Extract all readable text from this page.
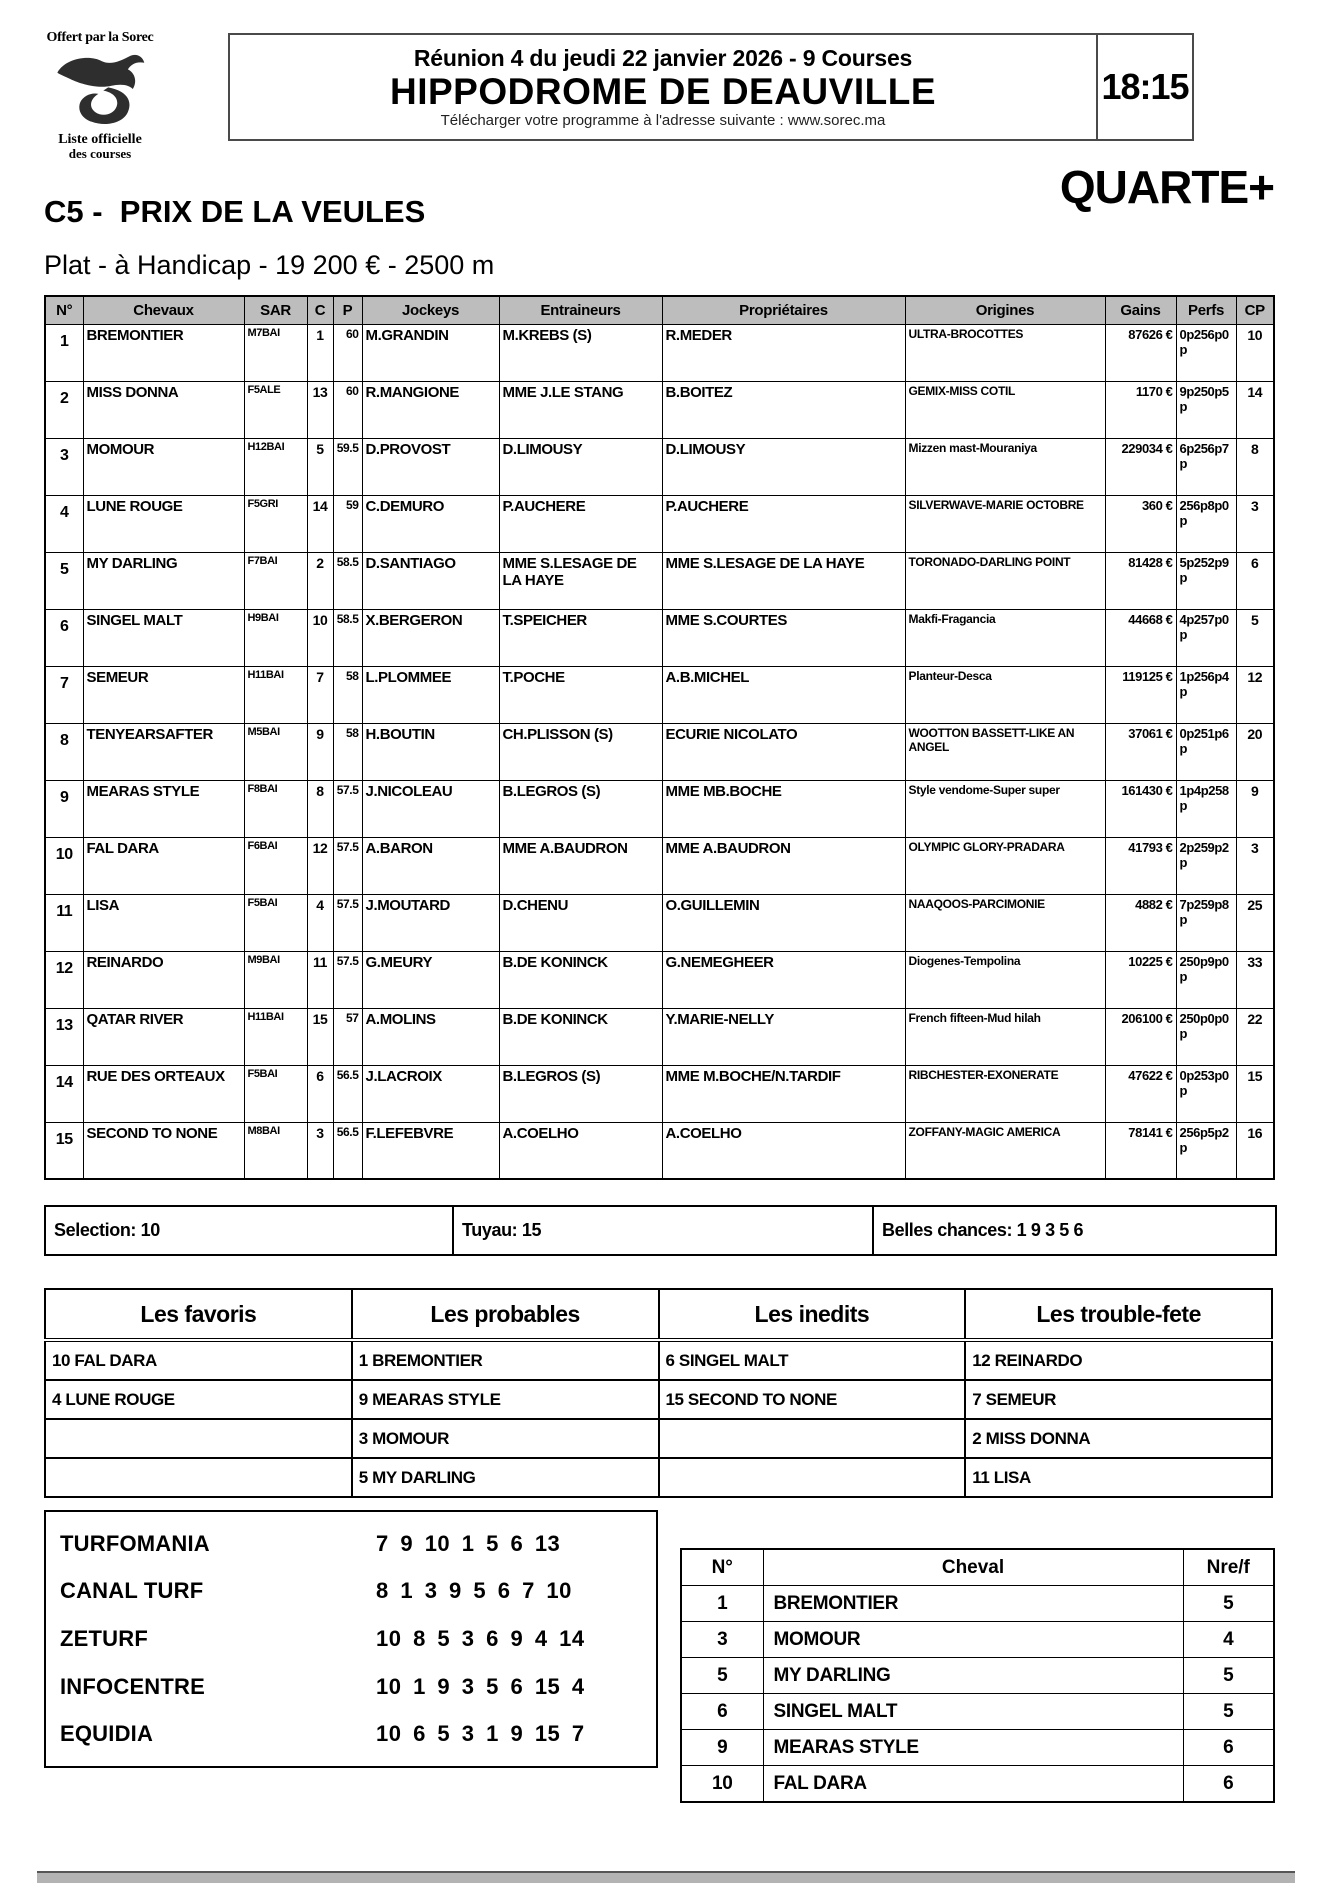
Offert par la Sorec
Liste officielle
des courses
Réunion 4 du jeudi 22 janvier 2026 - 9 Courses
HIPPODROME DE DEAUVILLE
Télécharger votre programme à l'adresse suivante : www.sorec.ma
18:15
QUARTE+
C5 -  PRIX DE LA VEULES
Plat - à Handicap - 19 200 € - 2500 m
N°	Chevaux	SAR	C	P	Jockeys	Entraineurs	Propriétaires	Origines	Gains	Perfs	CP
1	BREMONTIER	M7BAI	1	60	M.GRANDIN	M.KREBS (S)	R.MEDER	ULTRA-BROCOTTES	87626 €	0p256p0p	10
2	MISS DONNA	F5ALE	13	60	R.MANGIONE	MME J.LE STANG	B.BOITEZ	GEMIX-MISS COTIL	1170 €	9p250p5p	14
3	MOMOUR	H12BAI	5	59.5	D.PROVOST	D.LIMOUSY	D.LIMOUSY	Mizzen mast-Mouraniya	229034 €	6p256p7p	8
4	LUNE ROUGE	F5GRI	14	59	C.DEMURO	P.AUCHERE	P.AUCHERE	SILVERWAVE-MARIE OCTOBRE	360 €	256p8p0p	3
5	MY DARLING	F7BAI	2	58.5	D.SANTIAGO	MME S.LESAGE DE LA HAYE	MME S.LESAGE DE LA HAYE	TORONADO-DARLING POINT	81428 €	5p252p9p	6
6	SINGEL MALT	H9BAI	10	58.5	X.BERGERON	T.SPEICHER	MME S.COURTES	Makfi-Fragancia	44668 €	4p257p0p	5
7	SEMEUR	H11BAI	7	58	L.PLOMMEE	T.POCHE	A.B.MICHEL	Planteur-Desca	119125 €	1p256p4p	12
8	TENYEARSAFTER	M5BAI	9	58	H.BOUTIN	CH.PLISSON (S)	ECURIE NICOLATO	WOOTTON BASSETT-LIKE AN ANGEL	37061 €	0p251p6p	20
9	MEARAS STYLE	F8BAI	8	57.5	J.NICOLEAU	B.LEGROS (S)	MME MB.BOCHE	Style vendome-Super super	161430 €	1p4p258p	9
10	FAL DARA	F6BAI	12	57.5	A.BARON	MME A.BAUDRON	MME A.BAUDRON	OLYMPIC GLORY-PRADARA	41793 €	2p259p2p	3
11	LISA	F5BAI	4	57.5	J.MOUTARD	D.CHENU	O.GUILLEMIN	NAAQOOS-PARCIMONIE	4882 €	7p259p8p	25
12	REINARDO	M9BAI	11	57.5	G.MEURY	B.DE KONINCK	G.NEMEGHEER	Diogenes-Tempolina	10225 €	250p9p0p	33
13	QATAR RIVER	H11BAI	15	57	A.MOLINS	B.DE KONINCK	Y.MARIE-NELLY	French fifteen-Mud hilah	206100 €	250p0p0p	22
14	RUE DES ORTEAUX	F5BAI	6	56.5	J.LACROIX	B.LEGROS (S)	MME M.BOCHE/N.TARDIF	RIBCHESTER-EXONERATE	47622 €	0p253p0p	15
15	SECOND TO NONE	M8BAI	3	56.5	F.LEFEBVRE	A.COELHO	A.COELHO	ZOFFANY-MAGIC AMERICA	78141 €	256p5p2p	16
Selection: 10	Tuyau: 15	Belles chances: 1 9 3 5 6
Les favoris	Les probables	Les inedits	Les trouble-fete
10 FAL DARA	1 BREMONTIER	6 SINGEL MALT	12 REINARDO
4 LUNE ROUGE	9 MEARAS STYLE	15 SECOND TO NONE	7 SEMEUR
	3 MOMOUR		2 MISS DONNA
	5 MY DARLING		11 LISA
TURFOMANIA	7 9 10 1 5 6 13
CANAL TURF	8 1 3 9 5 6 7 10
ZETURF	10 8 5 3 6 9 4 14
INFOCENTRE	10 1 9 3 5 6 15 4
EQUIDIA	10 6 5 3 1 9 15 7
N°	Cheval	Nre/f
1	BREMONTIER	5
3	MOMOUR	4
5	MY DARLING	5
6	SINGEL MALT	5
9	MEARAS STYLE	6
10	FAL DARA	6
